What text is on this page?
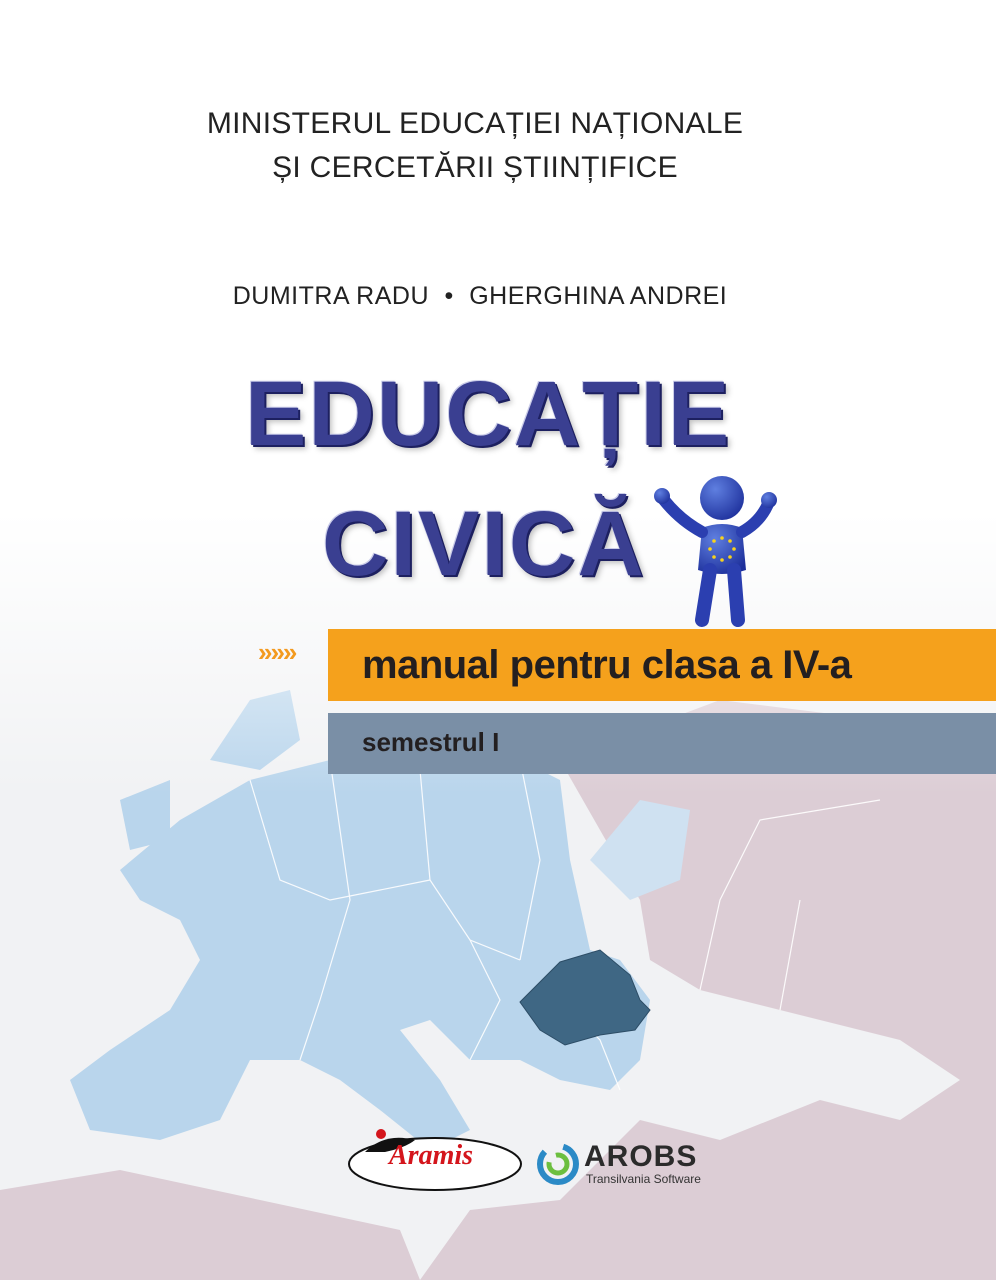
MINISTERUL EDUCAȚIEI NAȚIONALE
ȘI CERCETĂRII ȘTIINȚIFICE
DUMITRA RADU • GHERGHINA ANDREI
EDUCAȚIE
CIVICĂ
»»» manual pentru clasa a IV-a
semestrul I
Aramis	AROBS
Transilvania Software
